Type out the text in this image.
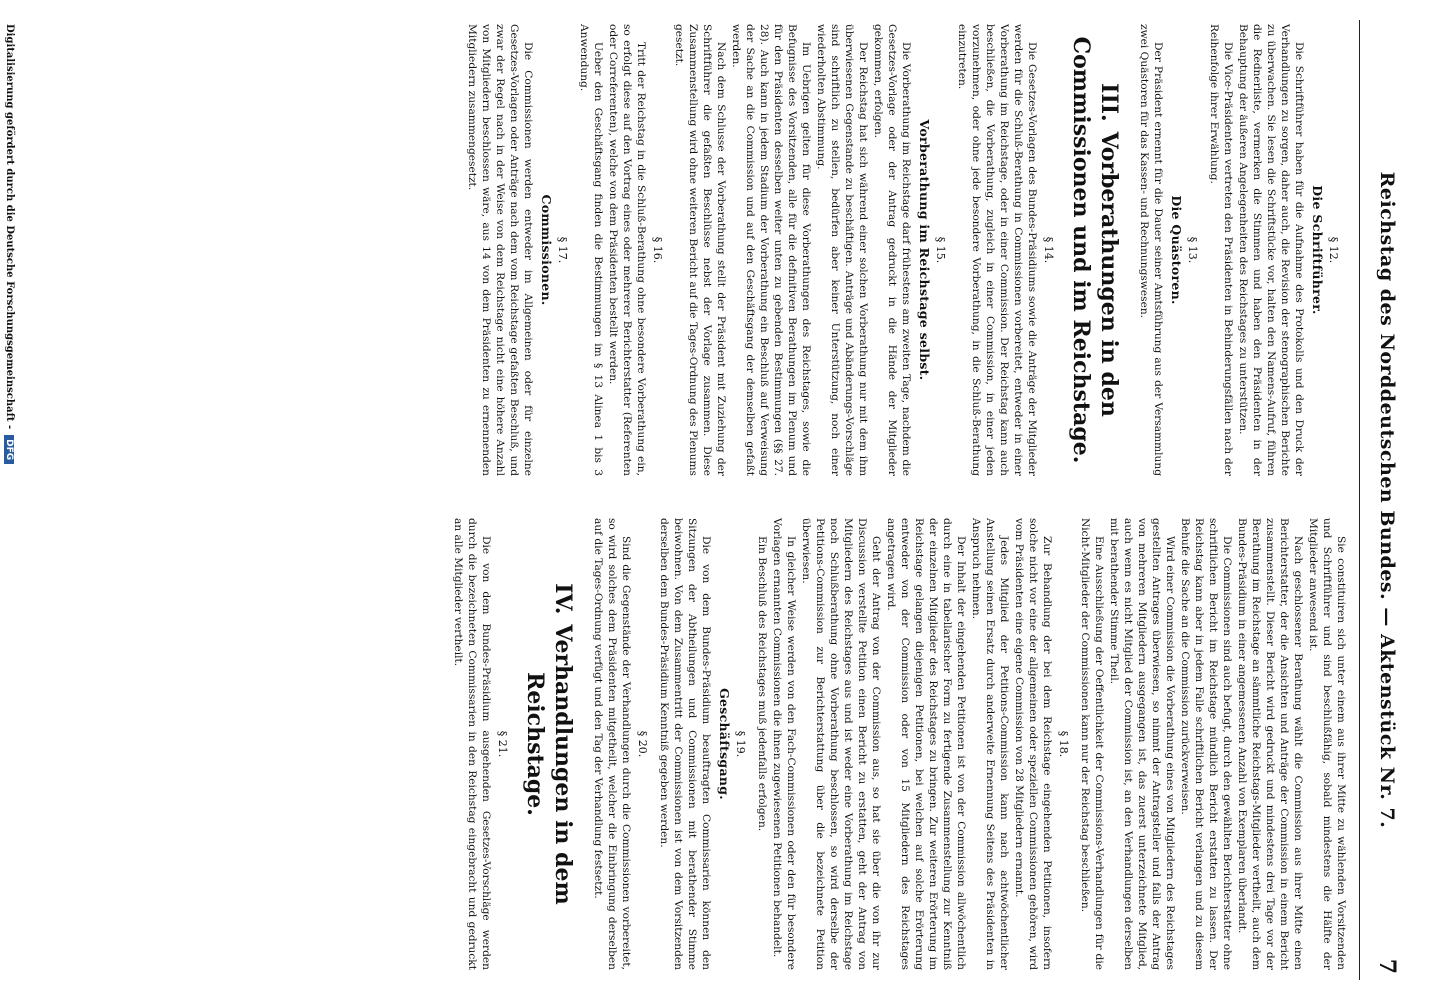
Reichstag des Norddeutschen Bundes. — Aktenstück Nr. 7.
7
§ 12.
Die Schriftführer.

Die Schriftführer haben für die Aufnahme des Protokolls und den Druck der Verhandlungen zu sorgen, daher auch, die Revision der stenographischen Berichte zu überwachen. Sie lesen die Schriftstücke vor, halten den Namens-Aufruf, führen die Rednerliste, vermerken die Stimmen und haben den Präsidenten in der Behauptung der äußeren Angelegenheiten des Reichstages zu unterstützen.

Die Vice-Präsidenten vertreten den Präsidenten in Behinderungsfällen nach der Reihenfolge ihrer Erwählung.

§ 13.
Die Quästoren.

Der Präsident ernennt für die Dauer seiner Amtsführung aus der Versammlung zwei Quästoren für das Kassen- und Rechnungswesen.

III.Vorberathungen in den Commissionen und im Reichstage.
§ 14.

Die Gesetzes-Vorlagen des Bundes-Präsidiums sowie die Anträge der Mitglieder werden für die Schluß-Berathung in Commissionen vorbereitet, entweder in einer Vorberathung im Reichstage, oder in einer Commission. Der Reichstag kann auch beschließen, die Vorberathung, zugleich in einer Commission, in einer jeden vorzunehmen, oder ohne jede besondere Vorberathung, in die Schluß-Berathung einzutreten.

§ 15.
Vorberathung im Reichstage selbst.

Die Vorberathung im Reichstage darf frühestens am zweiten Tage, nachdem die Gesetzes-Vorlage oder der Antrag gedruckt in die Hände der Mitglieder gekommen, erfolgen.

Der Reichstag hat sich während einer solchen Vorberathung nur mit dem ihm überwiesenen Gegenstande zu beschäftigen. Anträge und Abänderungs-Vorschläge sind schriftlich zu stellen, bedürfen aber keiner Unterstützung, noch einer wiederholten Abstimmung.

Im Uebrigen gelten für diese Vorberathungen des Reichstages, sowie die Befugnisse des Vorsitzenden, alle für die definitiven Berathungen im Plenum und für den Präsidenten desselben weiter unten zu gebenden Bestimmungen (§§ 27. 28). Auch kann in jedem Stadium der Vorberathung ein Beschluß auf Verweisung der Sache an die Commission und auf den Geschäftsgang der demselben gefaßt werden.

Nach dem Schlusse der Vorberathung stellt der Präsident mit Zuziehung der Schriftführer die gefaßten Beschlüsse nebst der Vorlage zusammen. Diese Zusammenstellung wird ohne weiteren Bericht auf die Tages-Ordnung des Plenums gesetzt.

§ 16.

Tritt der Reichstag in die Schluß-Berathung ohne besondere Vorberathung ein, so erfolgt diese auf den Vortrag eines oder mehrerer Berichterstatter (Referenten oder Correferenten), welche von dem Präsidenten bestellt werden.

Ueber den Geschäftsgang finden die Bestimmungen im § 13 Alinea 1 bis 3 Anwendung.

§ 17.
Commissionen.

Die Commissionen werden entweder im Allgemeinen oder für einzelne Gesetzes-Vorlagen oder Anträge nach dem vom Reichstage gefaßten Beschluß, und zwar der Regel nach in der Weise von dem Reichstage nicht eine höhere Anzahl von Mitgliedern beschlossen wäre, aus 14 von dem Präsidenten zu ernennenden Mitgliedern zusammengesetzt.

Sie constituiren sich unter einem aus ihrer Mitte zu wählenden Vorsitzenden und Schriftführer und sind beschlußfähig, sobald mindestens die Hälfte der Mitglieder anwesend ist.

Nach geschlossener Berathung wählt die Commission aus ihrer Mitte einen Berichterstatter, der die Ansichten und Anträge der Commission in einem Bericht zusammenstellt. Dieser Bericht wird gedruckt und mindestens drei Tage vor der Berathung im Reichstage an sämmtliche Reichstags-Mitglieder vertheilt, auch dem Bundes-Präsidium in einer angemessenen Anzahl von Exemplaren überlandt.

Die Commissionen sind auch befugt, durch den gewählten Berichterstatter ohne schriftlichen Bericht im Reichstage mündlich Bericht erstatten zu lassen. Der Reichstag kann aber in jedem Falle schriftlichen Bericht verlangen und zu diesem Behufe die Sache an die Commission zurückverweisen.

Wird einer Commission die Vorberathung eines von Mitgliedern des Reichstages gestellten Antrages überwiesen, so nimmt der Antragsteller und falls der Antrag von mehreren Mitgliedern ausgegangen ist, das zuerst unterzeichnete Mitglied, auch wenn es nicht Mitglied der Commission ist, an den Verhandlungen derselben mit berathender Stimme Theil.

Eine Ausschließung der Oeffentlichkeit der Commissions-Verhandlungen für die Nicht-Mitglieder der Commissionen kann nur der Reichstag beschließen.

§ 18.

Zur Behandlung der bei dem Reichstage eingehenden Petitionen, insofern solche nicht vor eine der allgemeinen oder speziellen Commissionen gehören, wird vom Präsidenten eine eigene Commission von 28 Mitgliedern ernannt.

Jedes Mitglied der Petitions-Commission kann nach achtwöchentlicher Anstellung seinen Ersatz durch anderweite Ernennung Seitens des Präsidenten in Anspruch nehmen.

Der Inhalt der eingehenden Petitionen ist von der Commission allwöchentlich durch eine in tabellarischer Form zu fertigende Zusammenstellung zur Kenntniß der einzelnen Mitglieder des Reichstages zu bringen. Zur weiteren Erörterung im Reichstage gelangen diejenigen Petitionen, bei welchen auf solche Erörterung entweder von der Commission oder von 15 Mitgliedern des Reichstages angetragen wird.

Geht der Antrag von der Commission aus, so hat sie über die von ihr zur Discussion verstellte Petition einen Bericht zu erstatten, geht der Antrag von Mitgliedern des Reichstages aus und ist weder eine Vorberathung im Reichstage noch Schlußberathung ohne Vorberathung beschlossen, so wird derselbe der Petitions-Commission zur Berichterstattung über die bezeichnete Petition überwiesen.

In gleicher Weise werden von den Fach-Commissionen oder den für besondere Vorlagen ernannten Commissionen die ihnen zugewiesenen Petitionen behandelt.

Ein Beschluß des Reichstages muß jedenfalls erfolgen.

§ 19.
Geschäftsgang.

Die von dem Bundes-Präsidium beauftragten Commissarien können den Sitzungen der Abtheilungen und Commissionen mit berathender Stimme beiwohnen. Von dem Zusammentritt der Commissionen ist von dem Vorsitzenden derselben dem Bundes-Präsidium Kenntniß gegeben werden.

§ 20.

Sind die Gegenstände der Verhandlungen durch die Commissionen vorbereitet, so wird solches dem Präsidenten mitgetheilt, welcher die Einbringung derselben auf die Tages-Ordnung verfügt und den Tag der Verhandlung festsetzt.

IV.Verhandlungen in dem Reichstage.
§ 21.

Die von dem Bundes-Präsidium ausgehenden Gesetzes-Vorschläge werden durch die bezeichneten Commissarien in den Reichstag eingebracht und gedruckt an alle Mitglieder vertheilt.

Digitalisierung gefördert durch die Deutsche Forschungsgemeinschaft -DFG
